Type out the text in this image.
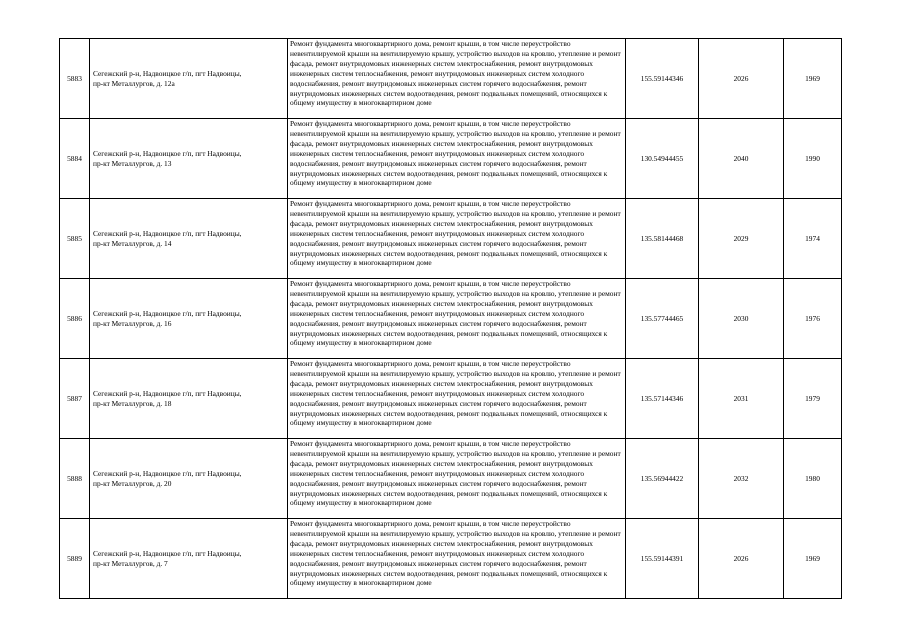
5883	Сегежский р-н, Надвоицкое г/п, пгт Надвоицы,
пр-кт Металлургов, д. 12а	Ремонт фундамента многоквартирного дома, ремонт крыши, в том числе переустройство невентилируемой крыши на вентилируемую крышу, устройство выходов на кровлю, утепление и ремонт фасада, ремонт внутридомовых инженерных систем электроснабжения, ремонт внутридомовых инженерных систем теплоснабжения, ремонт внутридомовых инженерных систем холодного водоснабжения, ремонт внутридомовых инженерных систем горячего водоснабжения, ремонт внутридомовых инженерных систем водоотведения, ремонт подвальных помещений, относящихся к общему имуществу в многоквартирном доме	155.59144346	2026	1969
5884	Сегежский р-н, Надвоицкое г/п, пгт Надвоицы,
пр-кт Металлургов, д. 13	Ремонт фундамента многоквартирного дома, ремонт крыши, в том числе переустройство невентилируемой крыши на вентилируемую крышу, устройство выходов на кровлю, утепление и ремонт фасада, ремонт внутридомовых инженерных систем электроснабжения, ремонт внутридомовых инженерных систем теплоснабжения, ремонт внутридомовых инженерных систем холодного водоснабжения, ремонт внутридомовых инженерных систем горячего водоснабжения, ремонт внутридомовых инженерных систем водоотведения, ремонт подвальных помещений, относящихся к общему имуществу в многоквартирном доме	130.54944455	2040	1990
5885	Сегежский р-н, Надвоицкое г/п, пгт Надвоицы,
пр-кт Металлургов, д. 14	Ремонт фундамента многоквартирного дома, ремонт крыши, в том числе переустройство невентилируемой крыши на вентилируемую крышу, устройство выходов на кровлю, утепление и ремонт фасада, ремонт внутридомовых инженерных систем электроснабжения, ремонт внутридомовых инженерных систем теплоснабжения, ремонт внутридомовых инженерных систем холодного водоснабжения, ремонт внутридомовых инженерных систем горячего водоснабжения, ремонт внутридомовых инженерных систем водоотведения, ремонт подвальных помещений, относящихся к общему имуществу в многоквартирном доме	135.58144468	2029	1974
5886	Сегежский р-н, Надвоицкое г/п, пгт Надвоицы,
пр-кт Металлургов, д. 16	Ремонт фундамента многоквартирного дома, ремонт крыши, в том числе переустройство невентилируемой крыши на вентилируемую крышу, устройство выходов на кровлю, утепление и ремонт фасада, ремонт внутридомовых инженерных систем электроснабжения, ремонт внутридомовых инженерных систем теплоснабжения, ремонт внутридомовых инженерных систем холодного водоснабжения, ремонт внутридомовых инженерных систем горячего водоснабжения, ремонт внутридомовых инженерных систем водоотведения, ремонт подвальных помещений, относящихся к общему имуществу в многоквартирном доме	135.57744465	2030	1976
5887	Сегежский р-н, Надвоицкое г/п, пгт Надвоицы,
пр-кт Металлургов, д. 18	Ремонт фундамента многоквартирного дома, ремонт крыши, в том числе переустройство невентилируемой крыши на вентилируемую крышу, устройство выходов на кровлю, утепление и ремонт фасада, ремонт внутридомовых инженерных систем электроснабжения, ремонт внутридомовых инженерных систем теплоснабжения, ремонт внутридомовых инженерных систем холодного водоснабжения, ремонт внутридомовых инженерных систем горячего водоснабжения, ремонт внутридомовых инженерных систем водоотведения, ремонт подвальных помещений, относящихся к общему имуществу в многоквартирном доме	135.57144346	2031	1979
5888	Сегежский р-н, Надвоицкое г/п, пгт Надвоицы,
пр-кт Металлургов, д. 20	Ремонт фундамента многоквартирного дома, ремонт крыши, в том числе переустройство невентилируемой крыши на вентилируемую крышу, устройство выходов на кровлю, утепление и ремонт фасада, ремонт внутридомовых инженерных систем электроснабжения, ремонт внутридомовых инженерных систем теплоснабжения, ремонт внутридомовых инженерных систем холодного водоснабжения, ремонт внутридомовых инженерных систем горячего водоснабжения, ремонт внутридомовых инженерных систем водоотведения, ремонт подвальных помещений, относящихся к общему имуществу в многоквартирном доме	135.56944422	2032	1980
5889	Сегежский р-н, Надвоицкое г/п, пгт Надвоицы,
пр-кт Металлургов, д. 7	Ремонт фундамента многоквартирного дома, ремонт крыши, в том числе переустройство невентилируемой крыши на вентилируемую крышу, устройство выходов на кровлю, утепление и ремонт фасада, ремонт внутридомовых инженерных систем электроснабжения, ремонт внутридомовых инженерных систем теплоснабжения, ремонт внутридомовых инженерных систем холодного водоснабжения, ремонт внутридомовых инженерных систем горячего водоснабжения, ремонт внутридомовых инженерных систем водоотведения, ремонт подвальных помещений, относящихся к общему имуществу в многоквартирном доме	155.59144391	2026	1969
